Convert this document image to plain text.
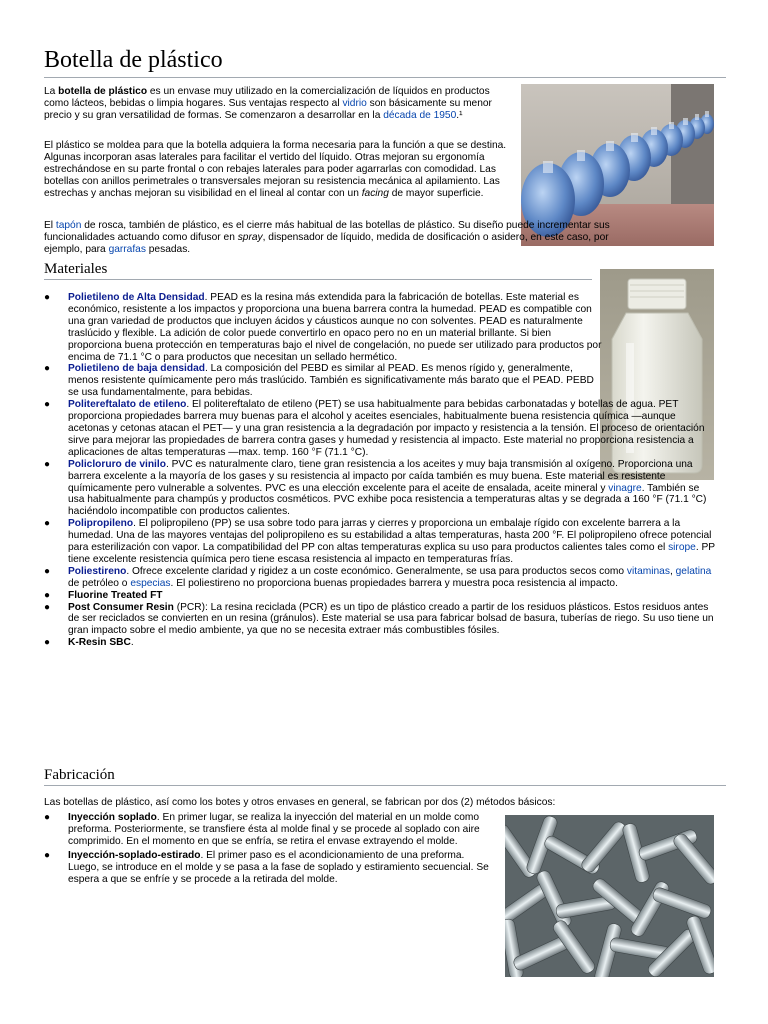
Botella de plástico

La botella de plástico es un envase muy utilizado en la comercialización de líquidos en productos como lácteos, bebidas o limpia hogares. Sus ventajas respecto al vidrio son básicamente su menor precio y su gran versatilidad de formas. Se comenzaron a desarrollar en la década de 1950.¹

El plástico se moldea para que la botella adquiera la forma necesaria para la función a que se destina. Algunas incorporan asas laterales para facilitar el vertido del líquido. Otras mejoran su ergonomía estrechándose en su parte frontal o con rebajes laterales para poder agarrarlas con comodidad. Las botellas con anillos perimetrales o transversales mejoran su resistencia mecánica al apilamiento. Las estrechas y anchas mejoran su visibilidad en el lineal al contar con un facing de mayor superficie.

El tapón de rosca, también de plástico, es el cierre más habitual de las botellas de plástico. Su diseño puede incrementar sus funcionalidades actuando como difusor en spray, dispensador de líquido, medida de dosificación o asidero, en este caso, por ejemplo, para garrafas pesadas.

Materiales
● Polietileno de Alta Densidad. PEAD es la resina más extendida para la fabricación de botellas. Este material es económico, resistente a los impactos y proporciona una buena barrera contra la humedad. PEAD es compatible con una gran variedad de productos que incluyen ácidos y cáusticos aunque no con solventes. PEAD es naturalmente traslúcido y flexible. La adición de color puede convertirlo en opaco pero no en un material brillante. Si bien proporciona buena protección en temperaturas bajo el nivel de congelación, no puede ser utilizado para productos por encima de 71.1 °C o para productos que necesitan un sellado hermético.
● Polietileno de baja densidad. La composición del PEBD es similar al PEAD. Es menos rígido y, generalmente, menos resistente químicamente pero más traslúcido. También es significativamente más barato que el PEAD. PEBD se usa fundamentalmente, para bebidas.
● Politereftalato de etileno. El politereftalato de etileno (PET) se usa habitualmente para bebidas carbonatadas y botellas de agua. PET proporciona propiedades barrera muy buenas para el alcohol y aceites esenciales, habitualmente buena resistencia química —aunque acetonas y cetonas atacan el PET— y una gran resistencia a la degradación por impacto y resistencia a la tensión. El proceso de orientación sirve para mejorar las propiedades de barrera contra gases y humedad y resistencia al impacto. Este material no proporciona resistencia a aplicaciones de altas temperaturas —max. temp. 160 °F (71.1 °C).
● Policloruro de vinilo. PVC es naturalmente claro, tiene gran resistencia a los aceites y muy baja transmisión al oxígeno. Proporciona una barrera excelente a la mayoría de los gases y su resistencia al impacto por caída también es muy buena. Este material es resistente químicamente pero vulnerable a solventes. PVC es una elección excelente para el aceite de ensalada, aceite mineral y vinagre. También se usa habitualmente para champús y productos cosméticos. PVC exhibe poca resistencia a temperaturas altas y se degrada a 160 °F (71.1 °C) haciéndolo incompatible con productos calientes.
● Polipropileno. El polipropileno (PP) se usa sobre todo para jarras y cierres y proporciona un embalaje rígido con excelente barrera a la humedad. Una de las mayores ventajas del polipropileno es su estabilidad a altas temperaturas, hasta 200 °F. El polipropileno ofrece potencial para esterilización con vapor. La compatibilidad del PP con altas temperaturas explica su uso para productos calientes tales como el sirope. PP tiene excelente resistencia química pero tiene escasa resistencia al impacto en temperaturas frías.
● Poliestireno. Ofrece excelente claridad y rigidez a un coste económico. Generalmente, se usa para productos secos como vitaminas, gelatina de petróleo o especias. El poliestireno no proporciona buenas propiedades barrera y muestra poca resistencia al impacto.
● Fluorine Treated FT
● Post Consumer Resin (PCR): La resina reciclada (PCR) es un tipo de plástico creado a partir de los residuos plásticos. Estos residuos antes de ser reciclados se convierten en un resina (gránulos). Este material se usa para fabricar bolsad de basura, tuberías de riego. Su uso tiene un gran impacto sobre el medio ambiente, ya que no se necesita extraer más combustibles fósiles.
● K-Resin SBC.
Fabricación

Las botellas de plástico, así como los botes y otros envases en general, se fabrican por dos (2) métodos básicos:

● Inyección soplado. En primer lugar, se realiza la inyección del material en un molde como preforma. Posteriormente, se transfiere ésta al molde final y se procede al soplado con aire comprimido. En el momento en que se enfría, se retira el envase extrayendo el molde.
● Inyección-soplado-estirado. El primer paso es el acondicionamiento de una preforma. Luego, se introduce en el molde y se pasa a la fase de soplado y estiramiento secuencial. Se espera a que se enfríe y se procede a la retirada del molde.
